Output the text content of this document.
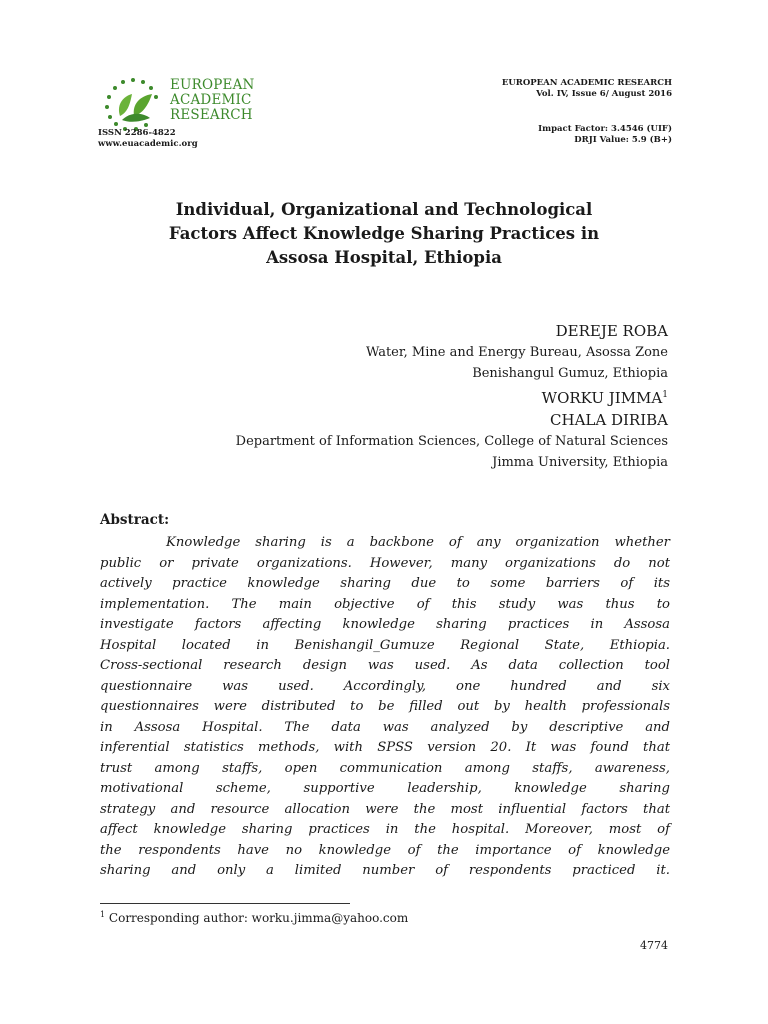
EUROPEAN
ACADEMIC
RESEARCH
ISSN 2286-4822
www.euacademic.org
EUROPEAN ACADEMIC RESEARCH
Vol. IV, Issue 6/ August 2016
Impact Factor: 3.4546 (UIF)
DRJI Value: 5.9 (B+)
Individual, Organizational and Technological
Factors Affect Knowledge Sharing Practices in
Assosa Hospital, Ethiopia
DEREJE ROBA
Water, Mine and Energy Bureau, Asossa Zone
Benishangul Gumuz, Ethiopia
WORKU JIMMA$^1$
CHALA DIRIBA
Department of Information Sciences, College of Natural Sciences
Jimma University, Ethiopia
Abstract:
Knowledge sharing is a backbone of any organization whether
public or private organizations. However, many organizations do not
actively practice knowledge sharing due to some barriers of its
implementation. The main objective of this study was thus to
investigate factors affecting knowledge sharing practices in Assosa
Hospital located in Benishangil_Gumuze Regional State, Ethiopia.
Cross-sectional research design was used. As data collection tool
questionnaire was used. Accordingly, one hundred and six
questionnaires were distributed to be filled out by health professionals
in Assosa Hospital. The data was analyzed by descriptive and
inferential statistics methods, with SPSS version 20. It was found that
trust among staffs, open communication among staffs, awareness,
motivational scheme, supportive leadership, knowledge sharing
strategy and resource allocation were the most influential factors that
affect knowledge sharing practices in the hospital. Moreover, most of
the respondents have no knowledge of the importance of knowledge
sharing and only a limited number of respondents practiced it.
$^1$ Corresponding author: worku.jimma@yahoo.com
4774
